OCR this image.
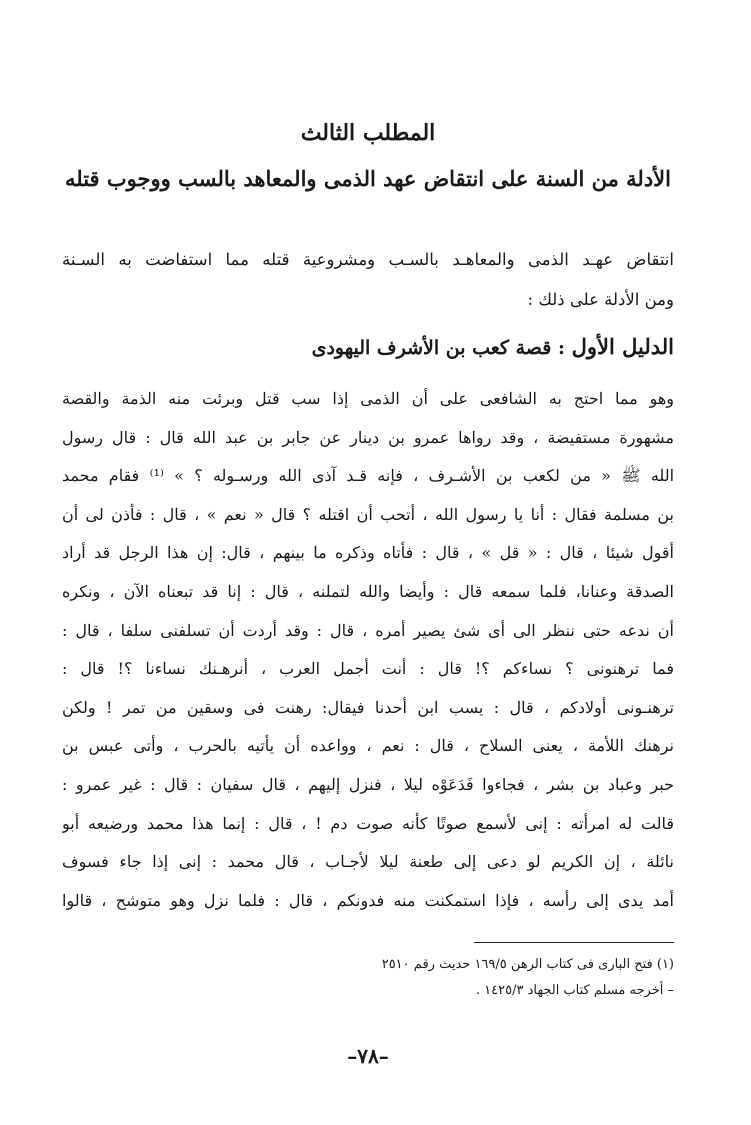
المطلب الثالث
الأدلة من السنة على انتقاض عهد الذمى والمعاهد بالسب ووجوب قتله

انتقاض عهـد الذمى والمعاهـد بالسـب ومشروعية قتله مما استفاضت به السـنة
ومن الأدلة على ذلك :

الدليل الأول : قصة كعب بن الأشرف اليهودى
وهو مما احتج به الشافعى على أن الذمى إذا سب قتل وبرئت منه الذمة والقصة
مشهورة مستفيضة ، وقد رواها عمرو بن دينار عن جابر بن عبد الله قال : قال رسول
الله ﷺ « من لكعب بن الأشـرف ، فإنه قـد آذى الله ورسـوله ؟ » ⁽¹⁾ فقام محمد
بن مسلمة فقال : أنا يا رسول الله ، أتحب أن اقتله ؟ قال « نعم » ، قال : فأذن لى أن
أقول شيئا ، قال : « قل » ، قال : فأتاه وذكره ما بينهم ، قال: إن هذا الرجل قد أراد
الصدقة وعنانا، فلما سمعه قال : وأيضا والله لتملنه ، قال : إنا قد تبعناه الآن ، ونكره
أن ندعه حتى ننظر الى أى شئ يصير أمره ، قال : وقد أردت أن تسلفنى سلفا ، قال :
فما ترهنونى ؟ نساءكم ؟! قال : أنت أجمل العرب ، أنرهـنك نساءنا ؟! قال :
ترهنـونى أولادكم ، قال : يسب ابن أحدنا فيقال: رهنت فى وسقين من تمر ! ولكن
نرهنك اللأمة ، يعنى السلاح ، قال : نعم ، وواعده أن يأتيه بالحرب ، وأتى عبس بن
حبر وعباد بن بشر ، فجاءوا فَدَعَوْه ليلا ، فنزل إليهم ، قال سفيان : قال : غير عمرو :
قالت له امرأته : إنى لأسمع صوتًا كأنه صوت دم ! ، قال : إنما هذا محمد ورضيعه أبو
نائلة ، إن الكريم لو دعى إلى طعنة ليلا لأجـاب ، قال محمد : إنى إذا جاء فسوف
أمد يدى إلى رأسه ، فإذا استمكنت منه فدونكم ، قال : فلما نزل وهو متوشح ، قالوا
(١) فتح البارى فى كتاب الرهن ١٦٩/٥ حديث رقم ٢٥١٠
– أخرجه مسلم كتاب الجهاد ١٤٢٥/٣ .

–٧٨–
